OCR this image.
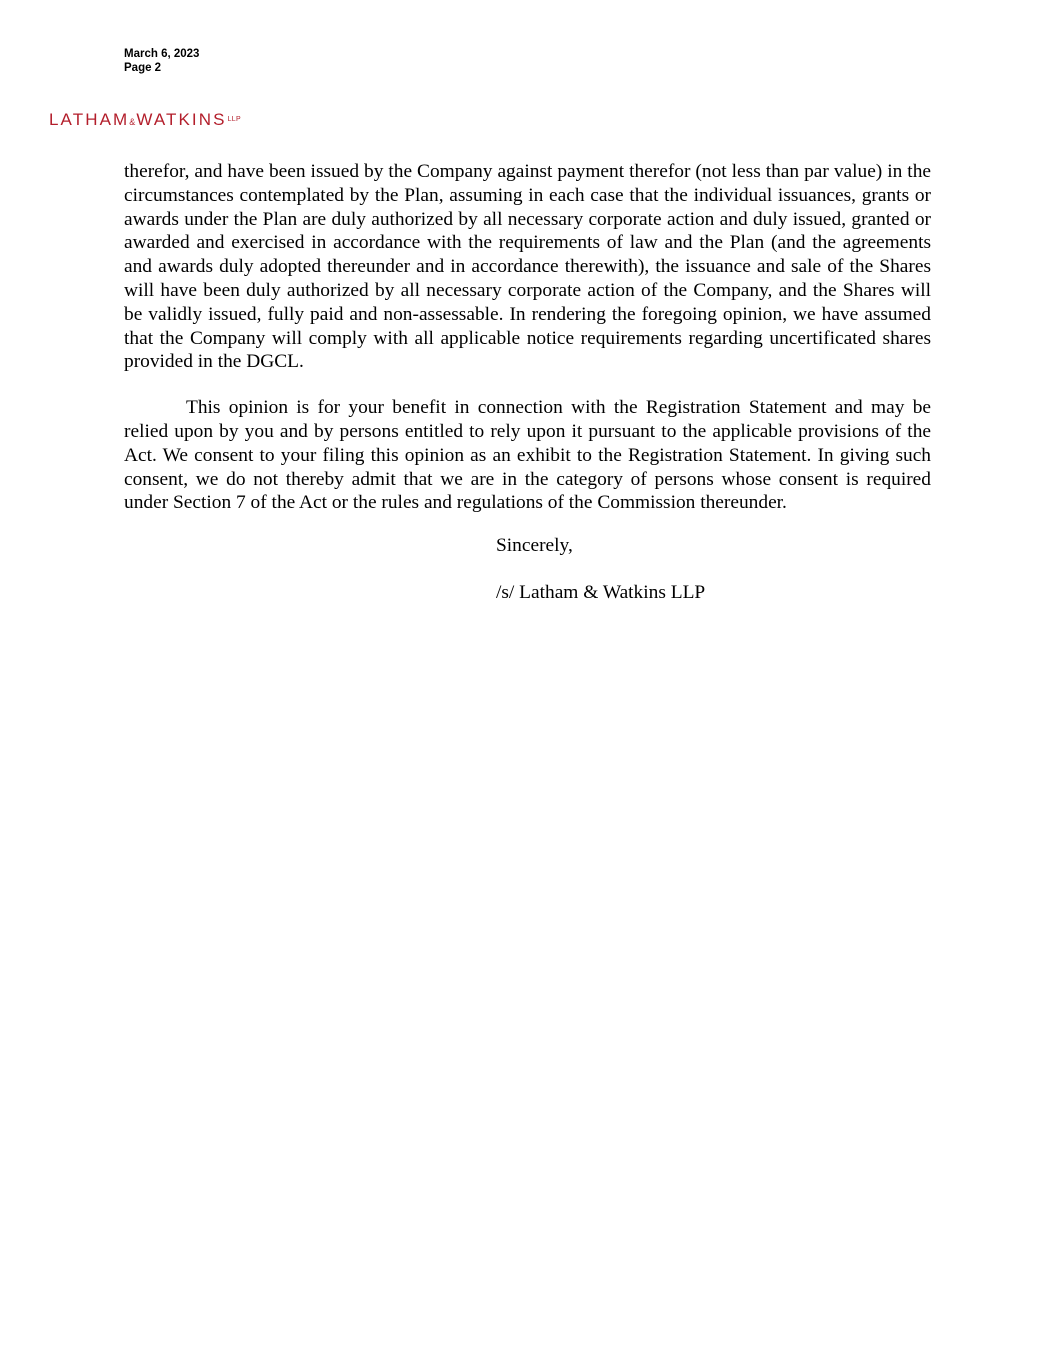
March 6, 2023
Page 2
$LATHAM\&WATKINS^{LLP}$

therefor, and have been issued by the Company against payment therefor (not less than par value) in the circumstances contemplated by the Plan, assuming in each case that the individual issuances, grants or awards under the Plan are duly authorized by all necessary corporate action and duly issued, granted or awarded and exercised in accordance with the requirements of law and the Plan (and the agreements and awards duly adopted thereunder and in accordance therewith), the issuance and sale of the Shares will have been duly authorized by all necessary corporate action of the Company, and the Shares will be validly issued, fully paid and non-assessable. In rendering the foregoing opinion, we have assumed that the Company will comply with all applicable notice requirements regarding uncertificated shares provided in the DGCL.

This opinion is for your benefit in connection with the Registration Statement and may be relied upon by you and by persons entitled to rely upon it pursuant to the applicable provisions of the Act. We consent to your filing this opinion as an exhibit to the Registration Statement. In giving such consent, we do not thereby admit that we are in the category of persons whose consent is required under Section 7 of the Act or the rules and regulations of the Commission thereunder.

Sincerely,
/s/ Latham & Watkins LLP
